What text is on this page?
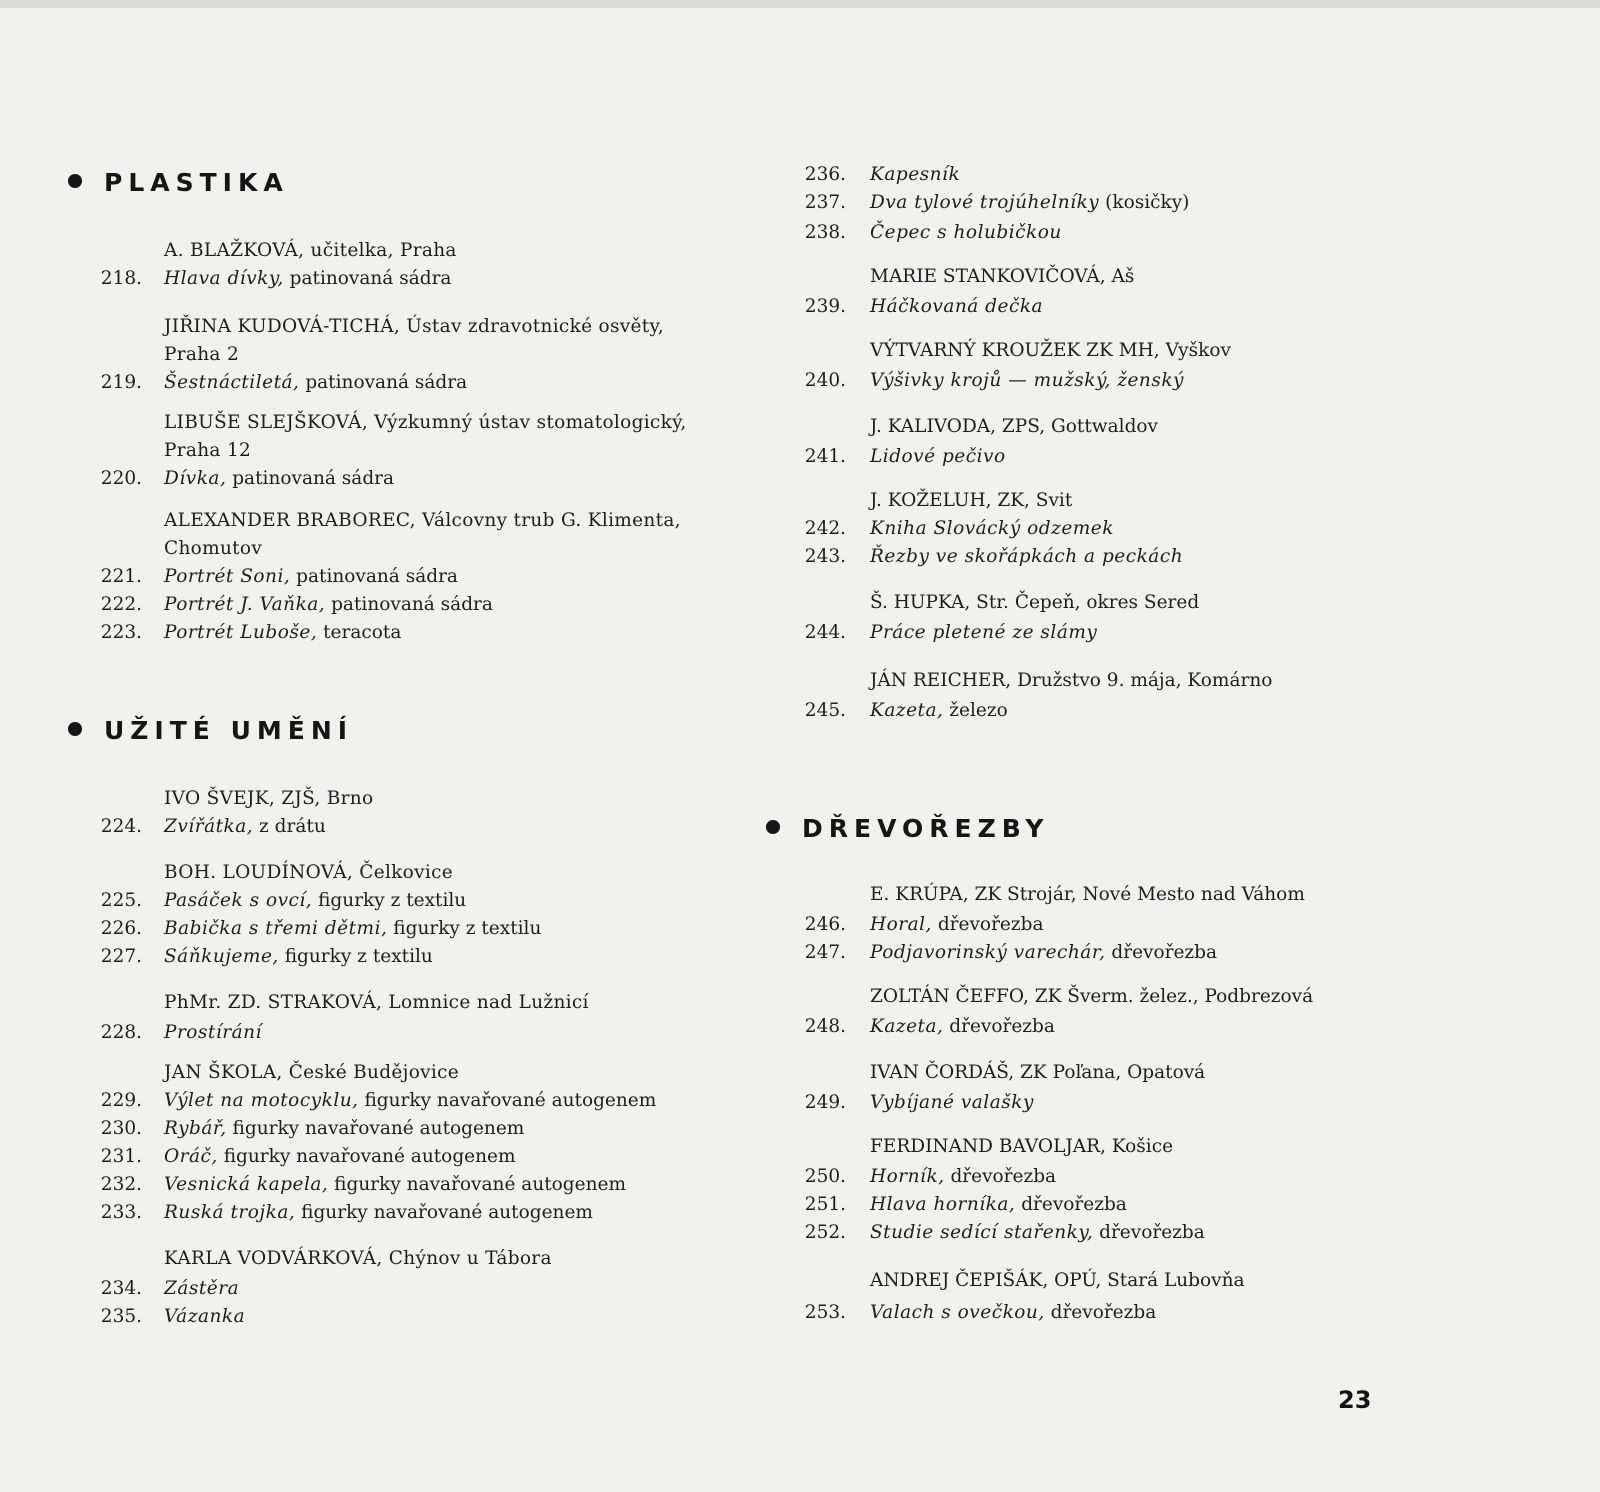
PLASTIKA
A. BLAŽKOVÁ, učitelka, Praha
218. Hlava dívky, patinovaná sádra
JIŘINA KUDOVÁ-TICHÁ, Ústav zdravotnické osvěty,
Praha 2
219. Šestnáctiletá, patinovaná sádra
LIBUŠE SLEJŠKOVÁ, Výzkumný ústav stomatologický,
Praha 12
220. Dívka, patinovaná sádra
ALEXANDER BRABOREC, Válcovny trub G. Klimenta,
Chomutov
221. Portrét Soni, patinovaná sádra
222. Portrét J. Vaňka, patinovaná sádra
223. Portrét Luboše, teracota
UŽITÉ UMĚNÍ
IVO ŠVEJK, ZJŠ, Brno
224. Zvířátka, z drátu
BOH. LOUDÍNOVÁ, Čelkovice
225. Pasáček s ovcí, figurky z textilu
226. Babička s třemi dětmi, figurky z textilu
227. Sáňkujeme, figurky z textilu
PhMr. ZD. STRAKOVÁ, Lomnice nad Lužnicí
228. Prostírání
JAN ŠKOLA, České Budějovice
229. Výlet na motocyklu, figurky navařované autogenem
230. Rybář, figurky navařované autogenem
231. Oráč, figurky navařované autogenem
232. Vesnická kapela, figurky navařované autogenem
233. Ruská trojka, figurky navařované autogenem
KARLA VODVÁRKOVÁ, Chýnov u Tábora
234. Zástěra
235. Vázanka
236. Kapesník
237. Dva tylové trojúhelníky (kosičky)
238. Čepec s holubičkou
MARIE STANKOVIČOVÁ, Aš
239. Háčkovaná dečka
VÝTVARNÝ KROUŽEK ZK MH, Vyškov
240. Výšivky krojů — mužský, ženský
J. KALIVODA, ZPS, Gottwaldov
241. Lidové pečivo
J. KOŽELUH, ZK, Svit
242. Kniha Slovácký odzemek
243. Řezby ve skořápkách a peckách
Š. HUPKA, Str. Čepeň, okres Sered
244. Práce pletené ze slámy
JÁN REICHER, Družstvo 9. mája, Komárno
245. Kazeta, železo
DŘEVOŘEZBY
E. KRÚPA, ZK Strojár, Nové Mesto nad Váhom
246. Horal, dřevořezba
247. Podjavorinský varechár, dřevořezba
ZOLTÁN ČEFFO, ZK Šverm. želez., Podbrezová
248. Kazeta, dřevořezba
IVAN ČORDÁŠ, ZK Poľana, Opatová
249. Vybíjané valašky
FERDINAND BAVOLJAR, Košice
250. Horník, dřevořezba
251. Hlava horníka, dřevořezba
252. Studie sedící stařenky, dřevořezba
ANDREJ ČEPIŠÁK, OPÚ, Stará Lubovňa
253. Valach s ovečkou, dřevořezba
23
